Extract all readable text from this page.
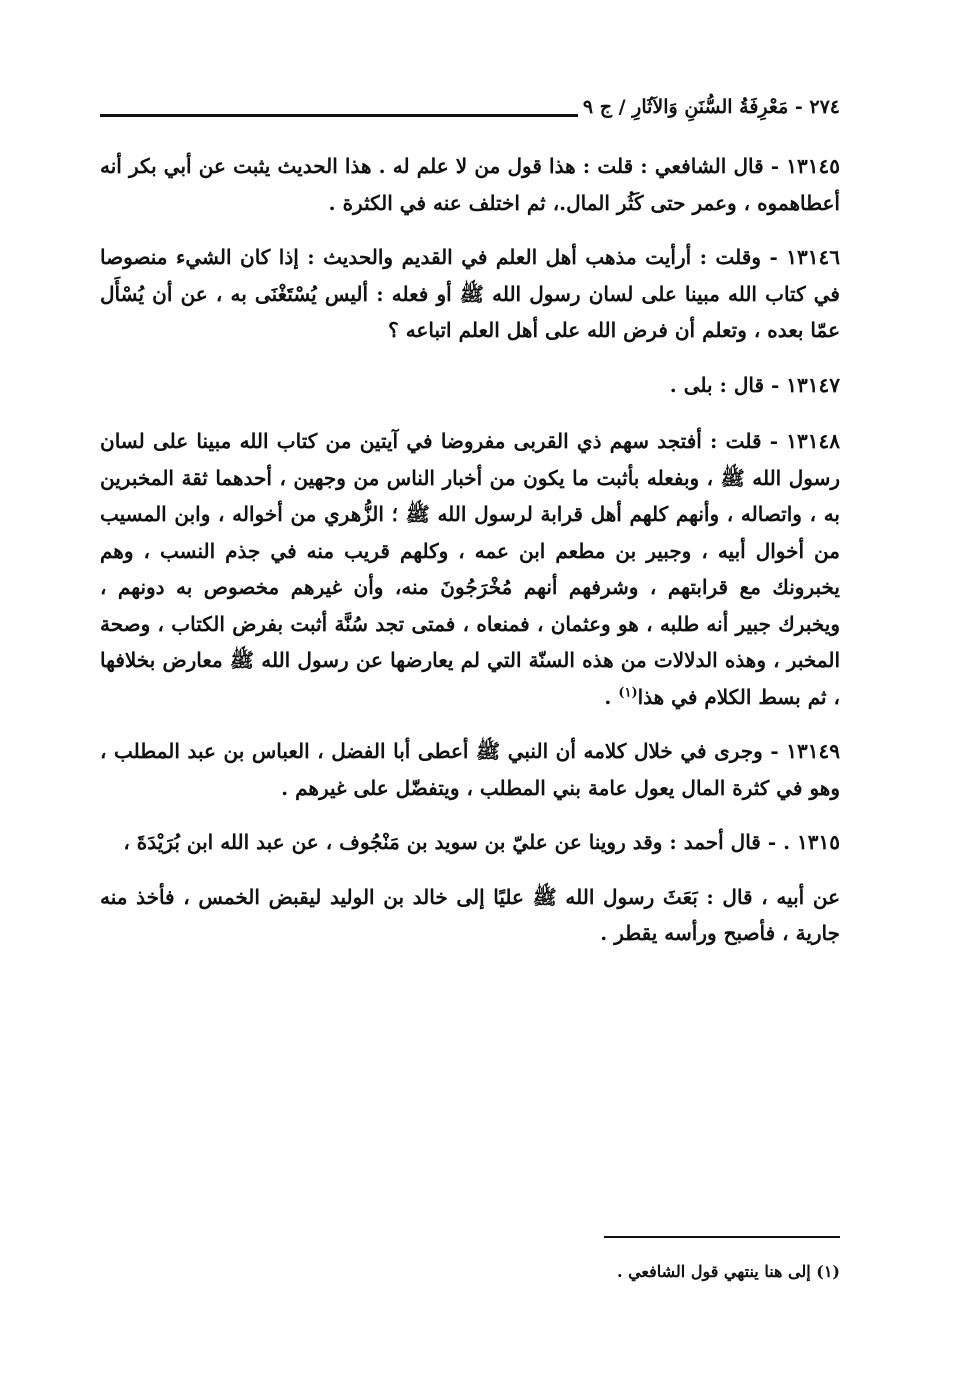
٢٧٤ - مَعْرِفَةُ السُّنَنِ وَالآثَارِ / ج ٩

١٣١٤٥ - قال الشافعي : قلت : هذا قول من لا علم له . هذا الحديث يثبت عن أبي بكر أنه أعطاهموه ، وعمر حتى كَثُر المال.، ثم اختلف عنه في الكثرة .

١٣١٤٦ - وقلت : أرأيت مذهب أهل العلم في القديم والحديث : إذا كان الشيء منصوصا في كتاب الله مبينا على لسان رسول الله ﷺ أو فعله : أليس يُسْتَغْنَى به ، عن أن يُسْأَل عمّا بعده ، وتعلم أن فرض الله على أهل العلم اتباعه ؟

١٣١٤٧ - قال : بلى .

١٣١٤٨ - قلت : أفتجد سهم ذي القربى مفروضا في آيتين من كتاب الله مبينا على لسان رسول الله ﷺ ، وبفعله بأثبت ما يكون من أخبار الناس من وجهين ، أحدهما ثقة المخبرين به ، واتصاله ، وأنهم كلهم أهل قرابة لرسول الله ﷺ ؛ الزُّهري من أخواله ، وابن المسيب من أخوال أبيه ، وجبير بن مطعم ابن عمه ، وكلهم قريب منه في جذم النسب ، وهم يخبرونك مع قرابتهم ، وشرفهم أنهم مُخْرَجُونَ منه، وأن غيرهم مخصوص به دونهم ، ويخبرك جبير أنه طلبه ، هو وعثمان ، فمنعاه ، فمتى تجد سُنَّة أثبت بفرض الكتاب ، وصحة المخبر ، وهذه الدلالات من هذه السنّة التي لم يعارضها عن رسول الله ﷺ معارض بخلافها ، ثم بسط الكلام في هذا$^{(١)}$ .

١٣١٤٩ - وجرى في خلال كلامه أن النبي ﷺ أعطى أبا الفضل ، العباس بن عبد المطلب ، وهو في كثرة المال يعول عامة بني المطلب ، ويتفضّل على غيرهم .

١٣١٥ . - قال أحمد : وقد روينا عن عليّ بن سويد بن مَنْجُوف ، عن عبد الله ابن بُرَيْدَةَ ،

عن أبيه ، قال : بَعَثَ رسول الله ﷺ عليًا إلى خالد بن الوليد ليقبض الخمس ، فأخذ منه جارية ، فأصبح ورأسه يقطر .

(١) إلى هنا ينتهي قول الشافعي .
